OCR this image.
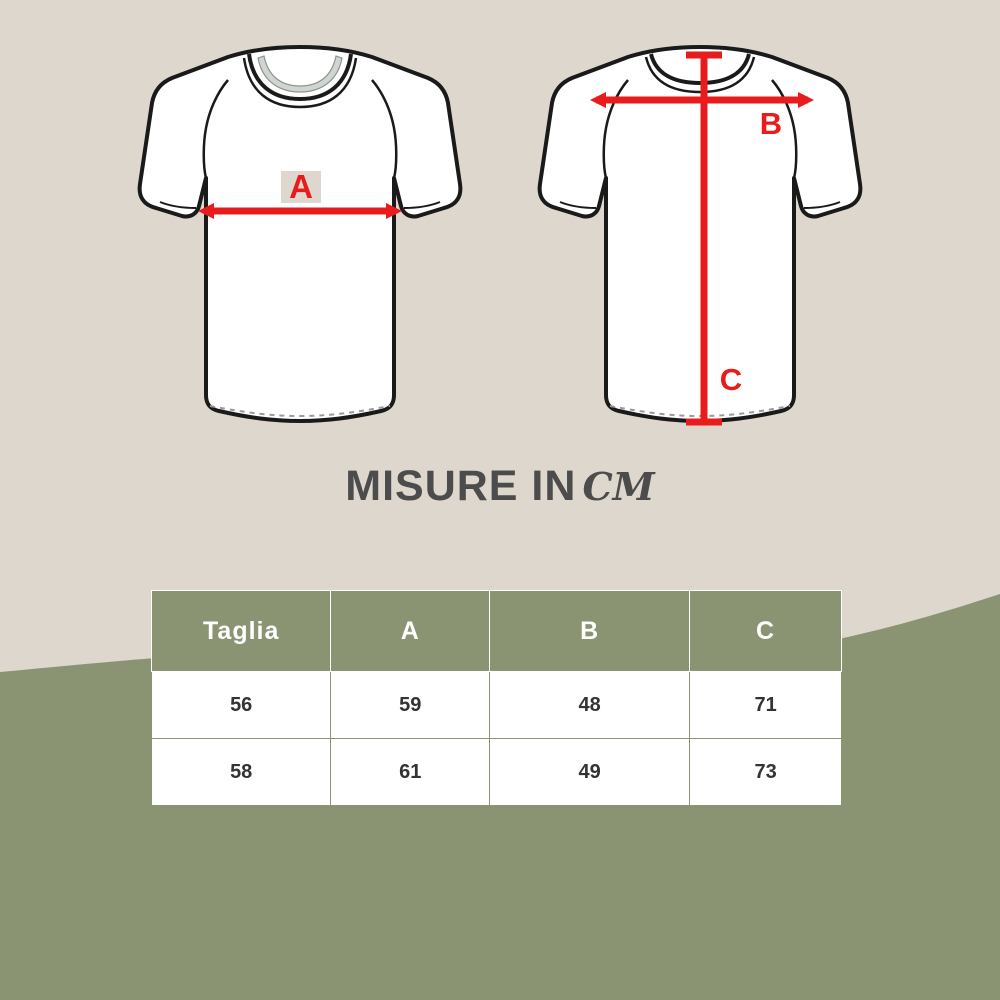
A
B
C
MISURE IN CM
Taglia	A	B	C
56	59	48	71
58	61	49	73
